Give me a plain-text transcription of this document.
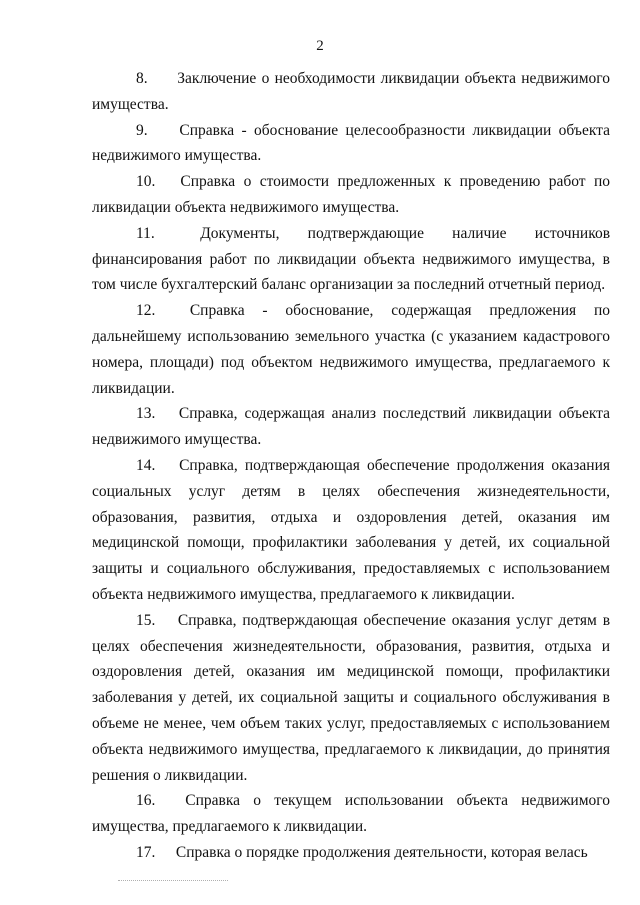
2

8. Заключение о необходимости ликвидации объекта недвижимого имущества.

9. Справка - обоснование целесообразности ликвидации объекта недвижимого имущества.

10. Справка о стоимости предложенных к проведению работ по ликвидации объекта недвижимого имущества.

11.	Документы, подтверждающие наличие источников финансирования работ по ликвидации объекта недвижимого имущества, в том числе бухгалтерский баланс организации за последний отчетный период.

12. Справка - обоснование, содержащая предложения по дальнейшему использованию земельного участка (с указанием кадастрового номера, площади) под объектом недвижимого имущества, предлагаемого к ликвидации.

13. Справка, содержащая анализ последствий ликвидации объекта недвижимого имущества.

14. Справка, подтверждающая обеспечение продолжения оказания социальных услуг детям в целях обеспечения жизнедеятельности, образования, развития, отдыха и оздоровления детей, оказания им медицинской помощи, профилактики заболевания у детей, их социальной защиты и социального обслуживания, предоставляемых с использованием объекта недвижимого имущества, предлагаемого к ликвидации.

15. Справка, подтверждающая обеспечение оказания услуг детям в целях обеспечения жизнедеятельности, образования, развития, отдыха и оздоровления детей, оказания им медицинской помощи, профилактики заболевания у детей, их социальной защиты и социального обслуживания в объеме не менее, чем объем таких услуг, предоставляемых с использованием объекта недвижимого имущества, предлагаемого к ликвидации, до принятия решения о ликвидации.

16. Справка о текущем использовании объекта недвижимого имущества, предлагаемого к ликвидации.

17. Справка о порядке продолжения деятельности, которая велась
